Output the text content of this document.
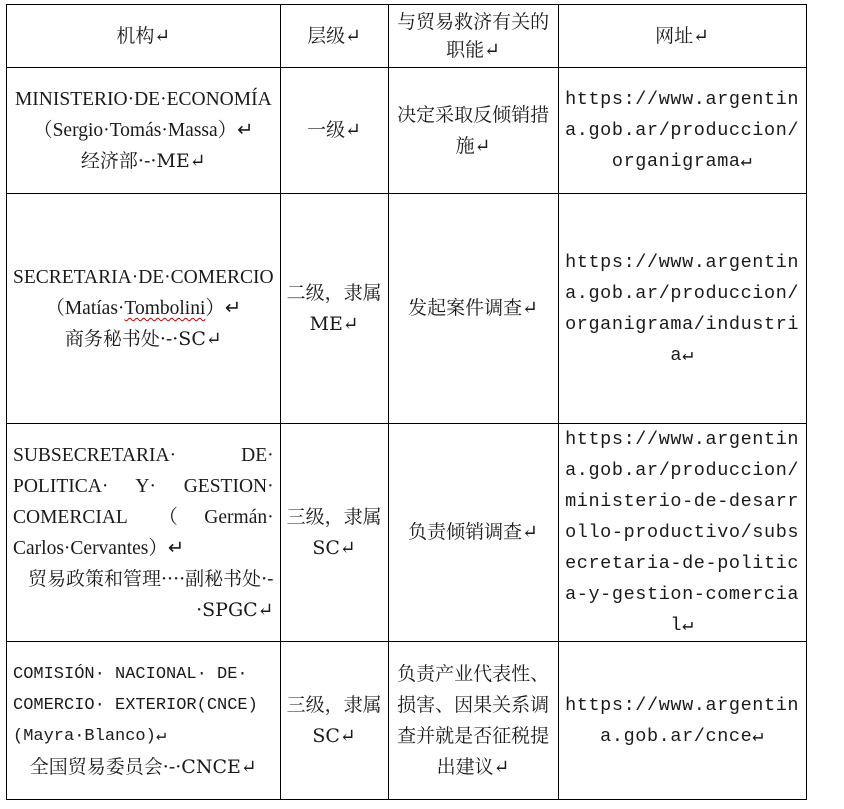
机构↵	层级↵	与贸易救济有关的职能↵	网址↵

MINISTERIO·DE·ECONOMÍA（Sergio·Tomás·Massa）↵
经济部·-·ME↵	一级↵	决定采取反倾销措施↵	https://www.argentina.gob.ar/produccion/organigrama↵

SECRETARIA·DE·COMERCIO（Matías·Tombolini）↵
商务秘书处·-·SC↵	二级，隶属 ME↵	发起案件调查↵	https://www.argentina.gob.ar/produccion/organigrama/industria↵

SUBSECRETARIA· DE· POLITICA· Y· GESTION· COMERCIAL （Germán· Carlos·Cervantes）↵
贸易政策和管理····副秘书处·-·SPGC↵	三级，隶属 SC↵	负责倾销调查↵	https://www.argentina.gob.ar/produccion/ministerio-de-desarrollo-productivo/subsecretaria-de-politica-y-gestion-comercial↵

COMISIÓN· NACIONAL· DE· COMERCIO· EXTERIOR(CNCE)(Mayra·Blanco)↵
全国贸易委员会·-·CNCE↵	三级，隶属 SC↵	负责产业代表性、损害、因果关系调查并就是否征税提出建议↵	https://www.argentina.gob.ar/cnce↵
